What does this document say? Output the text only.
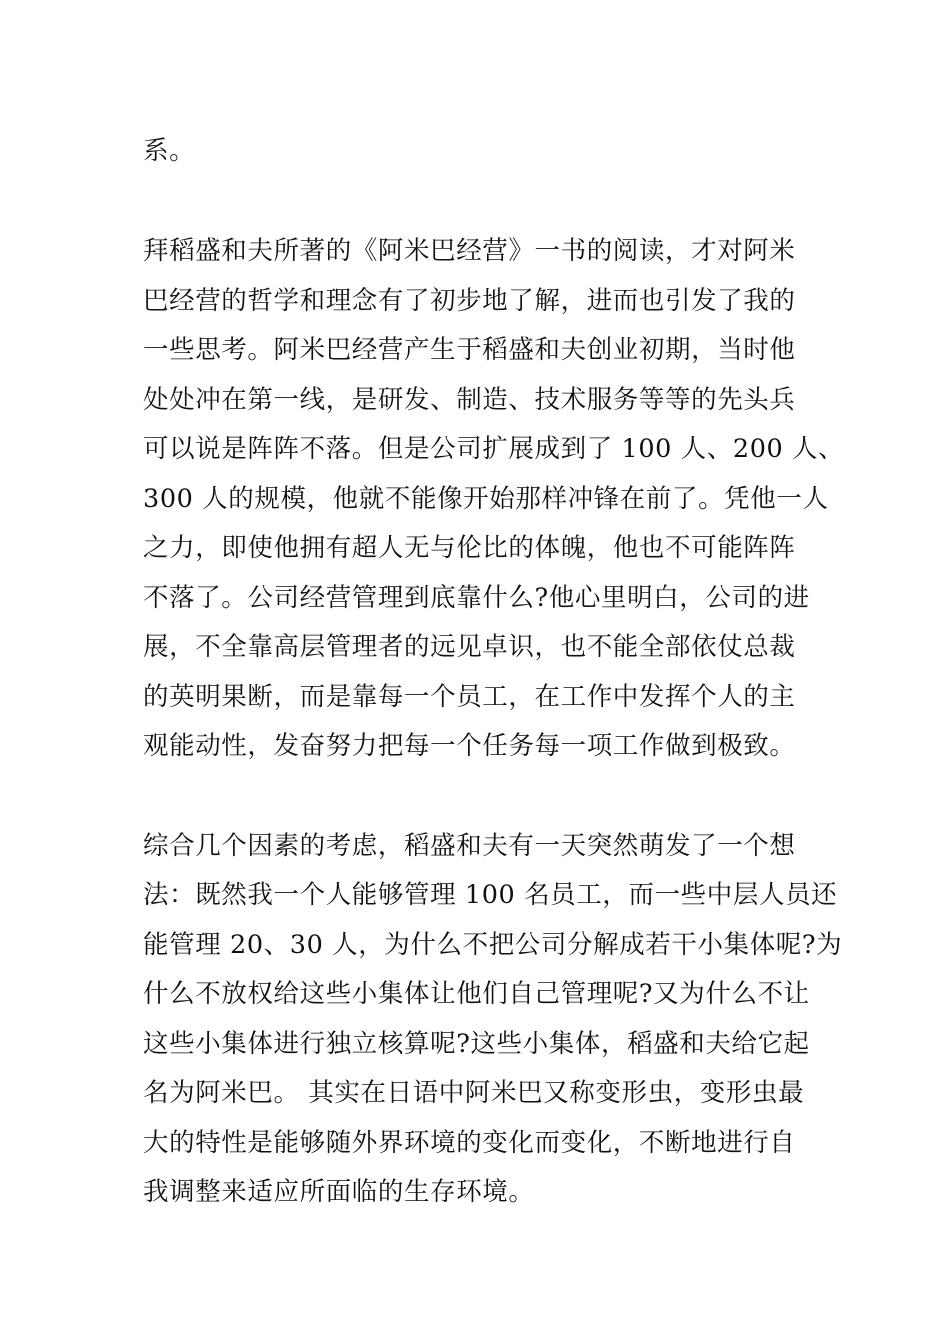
系。
拜稻盛和夫所著的《阿米巴经营》一书的阅读，才对阿米
巴经营的哲学和理念有了初步地了解，进而也引发了我的
一些思考。阿米巴经营产生于稻盛和夫创业初期，当时他
处处冲在第一线，是研发、制造、技术服务等等的先头兵
可以说是阵阵不落。但是公司扩展成到了 100 人、200 人、
300 人的规模，他就不能像开始那样冲锋在前了。凭他一人
之力，即使他拥有超人无与伦比的体魄，他也不可能阵阵
不落了。公司经营管理到底靠什么?他心里明白，公司的进
展，不全靠高层管理者的远见卓识，也不能全部依仗总裁
的英明果断，而是靠每一个员工，在工作中发挥个人的主
观能动性，发奋努力把每一个任务每一项工作做到极致。
综合几个因素的考虑，稻盛和夫有一天突然萌发了一个想
法：既然我一个人能够管理 100 名员工，而一些中层人员还
能管理 20、30 人，为什么不把公司分解成若干小集体呢?为
什么不放权给这些小集体让他们自己管理呢?又为什么不让
这些小集体进行独立核算呢?这些小集体，稻盛和夫给它起
名为阿米巴。 其实在日语中阿米巴又称变形虫，变形虫最
大的特性是能够随外界环境的变化而变化，不断地进行自
我调整来适应所面临的生存环境。
